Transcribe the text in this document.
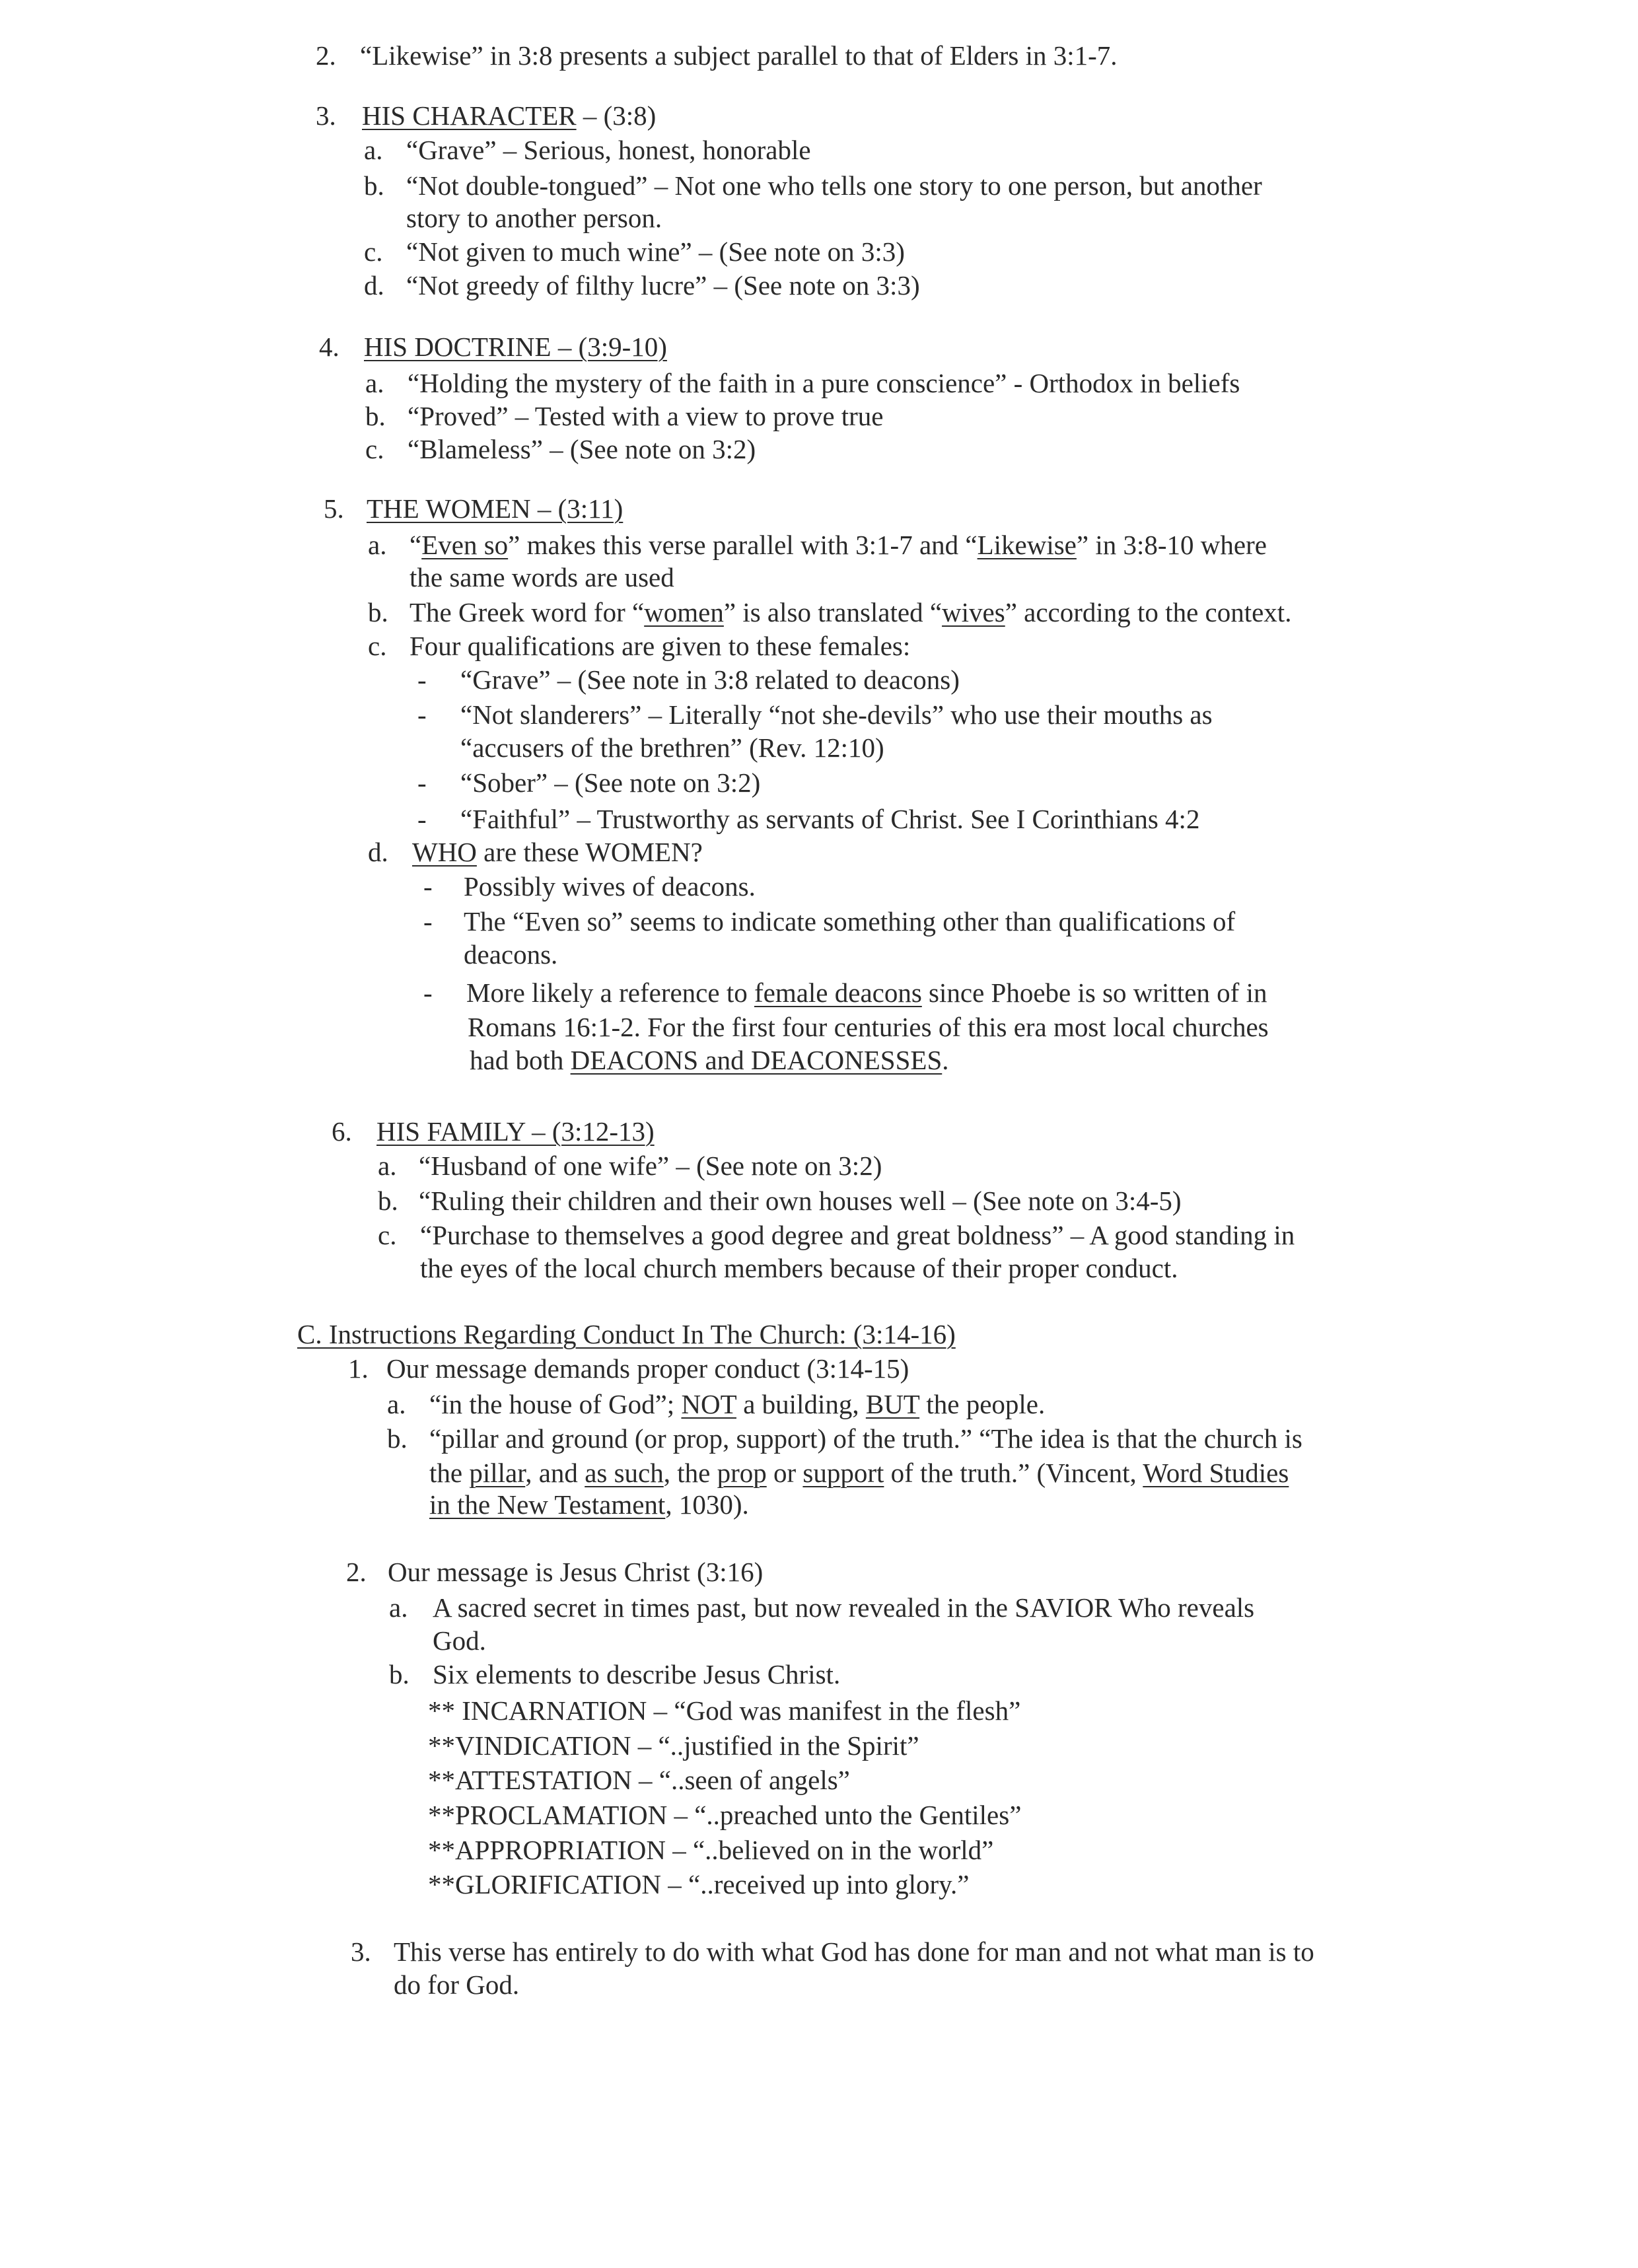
2. “Likewise” in 3:8 presents a subject parallel to that of Elders in 3:1-7.
3. HIS CHARACTER – (3:8)
a. “Grave” – Serious, honest, honorable
b. “Not double-tongued” – Not one who tells one story to one person, but another
story to another person.
c. “Not given to much wine” – (See note on 3:3)
d. “Not greedy of filthy lucre” – (See note on 3:3)
4. HIS DOCTRINE – (3:9-10)
a. “Holding the mystery of the faith in a pure conscience” - Orthodox in beliefs
b. “Proved” – Tested with a view to prove true
c. “Blameless” – (See note on 3:2)
5. THE WOMEN – (3:11)
a. “Even so” makes this verse parallel with 3:1-7 and “Likewise” in 3:8-10 where
the same words are used
b. The Greek word for “women” is also translated “wives” according to the context.
c. Four qualifications are given to these females:
- “Grave” – (See note in 3:8 related to deacons)
- “Not slanderers” – Literally “not she-devils” who use their mouths as
“accusers of the brethren” (Rev. 12:10)
- “Sober” – (See note on 3:2)
- “Faithful” – Trustworthy as servants of Christ. See I Corinthians 4:2
d. WHO are these WOMEN?
- Possibly wives of deacons.
- The “Even so” seems to indicate something other than qualifications of
deacons.
- More likely a reference to female deacons since Phoebe is so written of in
Romans 16:1-2. For the first four centuries of this era most local churches
had both DEACONS and DEACONESSES.
6. HIS FAMILY – (3:12-13)
a. “Husband of one wife” – (See note on 3:2)
b. “Ruling their children and their own houses well – (See note on 3:4-5)
c. “Purchase to themselves a good degree and great boldness” – A good standing in
the eyes of the local church members because of their proper conduct.
C. Instructions Regarding Conduct In The Church: (3:14-16)
1. Our message demands proper conduct (3:14-15)
a. “in the house of God”; NOT a building, BUT the people.
b. “pillar and ground (or prop, support) of the truth.” “The idea is that the church is
the pillar, and as such, the prop or support of the truth.” (Vincent, Word Studies
in the New Testament, 1030).
2. Our message is Jesus Christ (3:16)
a. A sacred secret in times past, but now revealed in the SAVIOR Who reveals
God.
b. Six elements to describe Jesus Christ.
** INCARNATION – “God was manifest in the flesh”
**VINDICATION – “..justified in the Spirit”
**ATTESTATION – “..seen of angels”
**PROCLAMATION – “..preached unto the Gentiles”
**APPROPRIATION – “..believed on in the world”
**GLORIFICATION – “..received up into glory.”
3. This verse has entirely to do with what God has done for man and not what man is to
do for God.
